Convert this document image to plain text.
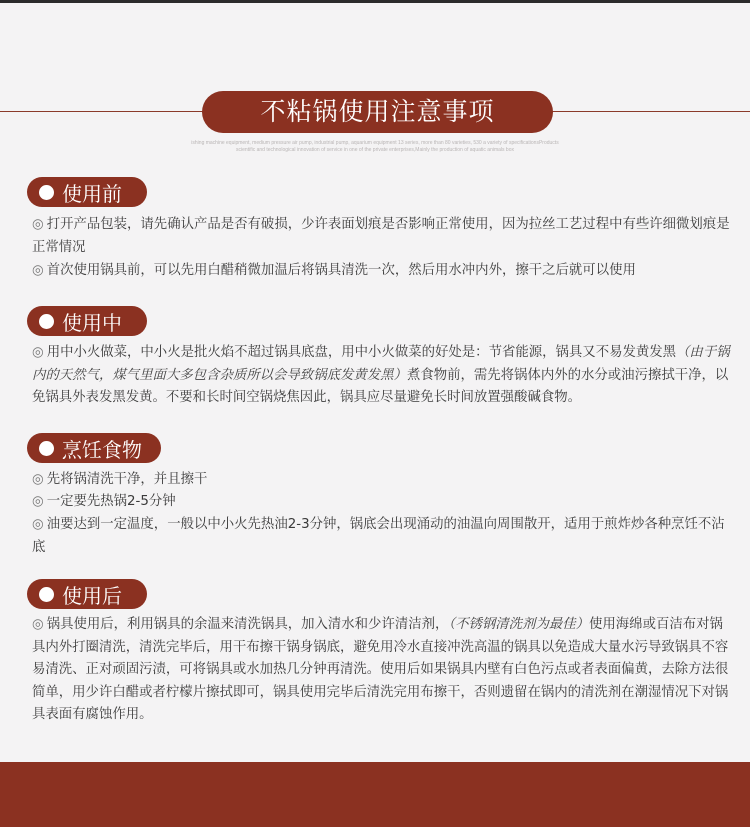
不粘锅使用注意事项
ishing machine equipment, medium pressure air pump, industrial pump, aquarium equipment 13 series, more than 80 varieties, 530 a variety of specificationsProducts
scientific and technological innovation of service in one of the private enterprises,Mainly the production of aquatic animals box
使用前

◎ 打开产品包装，请先确认产品是否有破损，少许表面划痕是否影响正常使用，因为拉丝工艺过程中有些许细微划痕是正常情况

◎ 首次使用锅具前，可以先用白醋稍微加温后将锅具清洗一次，然后用水冲内外，擦干之后就可以使用

使用中

◎ 用中小火做菜，中小火是批火焰不超过锅具底盘，用中小火做菜的好处是：节省能源，锅具又不易发黄发黑（由于锅内的天然气，煤气里面大多包含杂质所以会导致锅底发黄发黑）煮食物前，需先将锅体内外的水分或油污擦拭干净，以免锅具外表发黑发黄。不要和长时间空锅烧焦因此，锅具应尽量避免长时间放置强酸碱食物。

烹饪食物

◎ 先将锅清洗干净，并且擦干

◎ 一定要先热锅2-5分钟

◎ 油要达到一定温度，一般以中小火先热油2-3分钟，锅底会出现涌动的油温向周围散开，适用于煎炸炒各种烹饪不沾底

使用后

◎ 锅具使用后，利用锅具的余温来清洗锅具，加入清水和少许清洁剂，（不锈钢清洗剂为最佳）使用海绵或百洁布对锅具内外打圈清洗，清洗完毕后，用干布擦干锅身锅底，避免用冷水直接冲洗高温的锅具以免造成大量水污导致锅具不容易清洗、正对顽固污渍，可将锅具或水加热几分钟再清洗。使用后如果锅具内壁有白色污点或者表面偏黄，去除方法很简单，用少许白醋或者柠檬片擦拭即可，锅具使用完毕后清洗完用布擦干，否则遗留在锅内的清洗剂在潮湿情况下对锅具表面有腐蚀作用。
